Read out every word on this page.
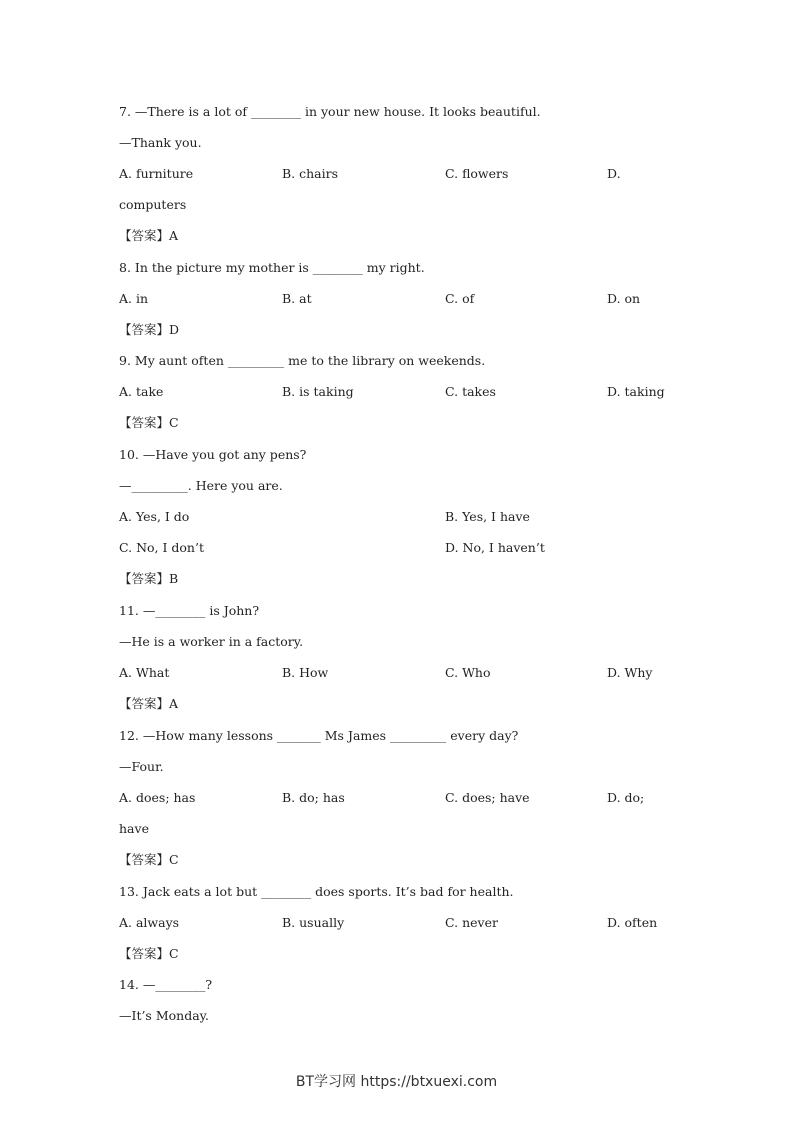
7. —There is a lot of ________ in your new house. It looks beautiful.
—Thank you.
A. furniture	B. chairs	C. flowers	D.
computers
【答案】A
8. In the picture my mother is ________ my right.
A. in	B. at	C. of	D. on
【答案】D
9. My aunt often _________ me to the library on weekends.
A. take	B. is taking	C. takes	D. taking
【答案】C
10. —Have you got any pens?
—_________. Here you are.
A. Yes, I do	B. Yes, I have
C. No, I don’t	D. No, I haven’t
【答案】B
11. —________ is John?
—He is a worker in a factory.
A. What	B. How	C. Who	D. Why
【答案】A
12. —How many lessons _______ Ms James _________ every day?
—Four.
A. does; has	B. do; has	C. does; have	D. do;
have
【答案】C
13. Jack eats a lot but ________ does sports. It’s bad for health.
A. always	B. usually	C. never	D. often
【答案】C
14. —________?
—It’s Monday.
BT学习网 https://btxuexi.com
